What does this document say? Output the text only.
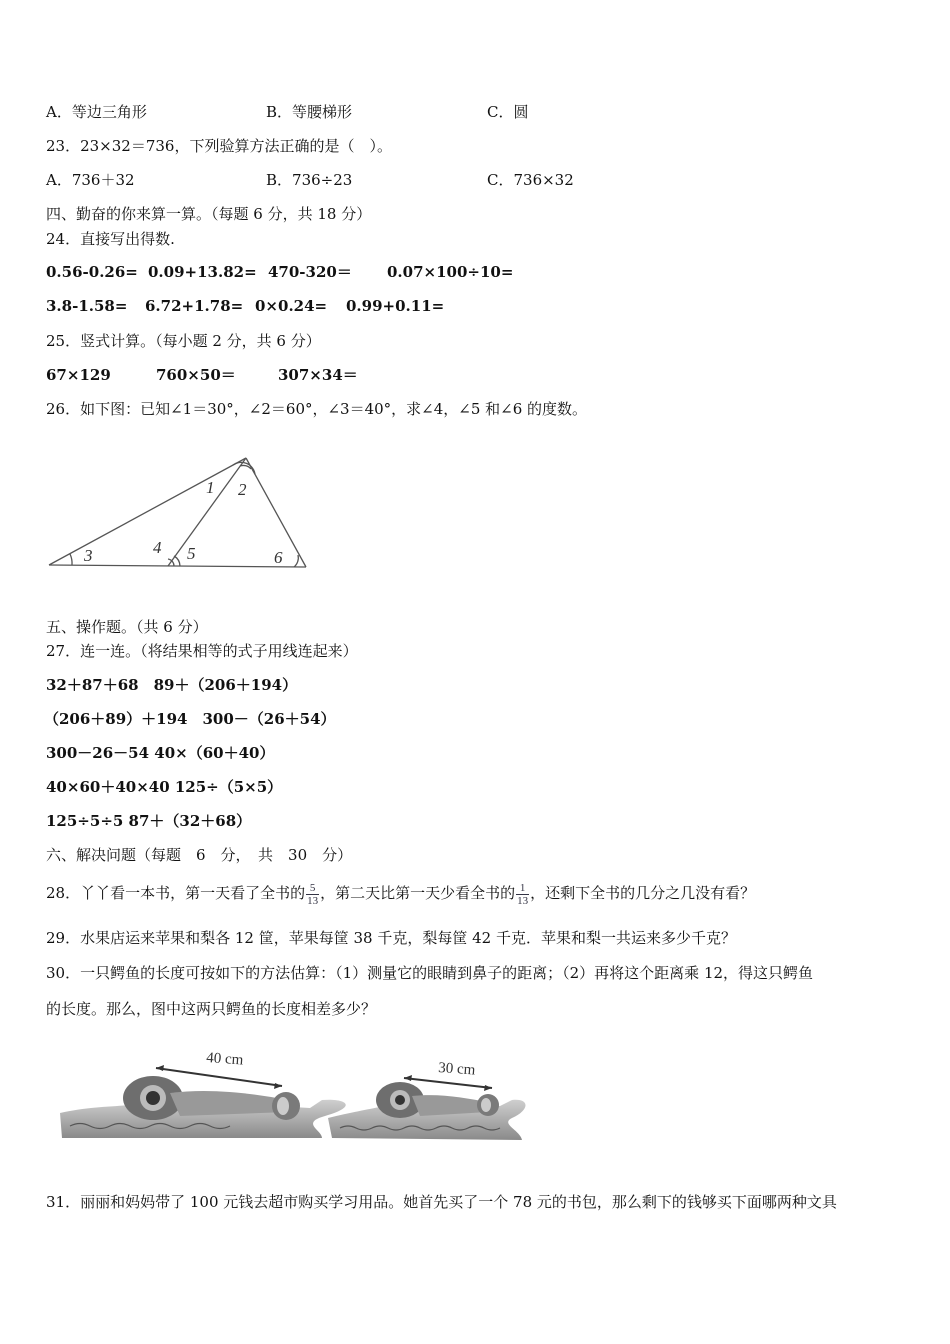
A．等边三角形	B．等腰梯形	C．圆
23．23×32＝736，下列验算方法正确的是（　）。
A．736＋32	B．736÷23	C．736×32
四、勤奋的你来算一算。（每题 6 分，共 18 分）
24．直接写出得数.
0.56-0.26= 0.09+13.82= 470-320＝ 0.07×100÷10=
3.8-1.58= 6.72+1.78= 0×0.24= 0.99+0.11=
25．竖式计算。（每小题 2 分，共 6 分）
67×129	760×50＝	307×34＝
26．如下图：已知∠1＝30°，∠2＝60°，∠3＝40°，求∠4，∠5 和∠6 的度数。
3	4 5
1 2
6
五、操作题。（共 6 分）
27．连一连。（将结果相等的式子用线连起来）
32＋87＋68　89＋（206＋194）
（206＋89）＋194　300－（26＋54）
300－26－54 40×（60＋40）
40×60＋40×40 125÷（5×5）
125÷5÷5 87＋（32＋68）
六、解决问题（每题　6　分，　共　30　分）
28．丫丫看一本书，第一天看了全书的 $\frac{5}{13}$ ，第二天比第一天少看全书的 $\frac{1}{13}$ ，还剩下全书的几分之几没有看？
29．水果店运来苹果和梨各 12 筐，苹果每筐 38 千克，梨每筐 42 千克．苹果和梨一共运来多少千克？
30．一只鳄鱼的长度可按如下的方法估算：（1）测量它的眼睛到鼻子的距离；（2）再将这个距离乘 12，得这只鳄鱼
的长度。那么，图中这两只鳄鱼的长度相差多少？
40 cm
30 cm
31．丽丽和妈妈带了 100 元钱去超市购买学习用品。她首先买了一个 78 元的书包，那么剩下的钱够买下面哪两种文具
